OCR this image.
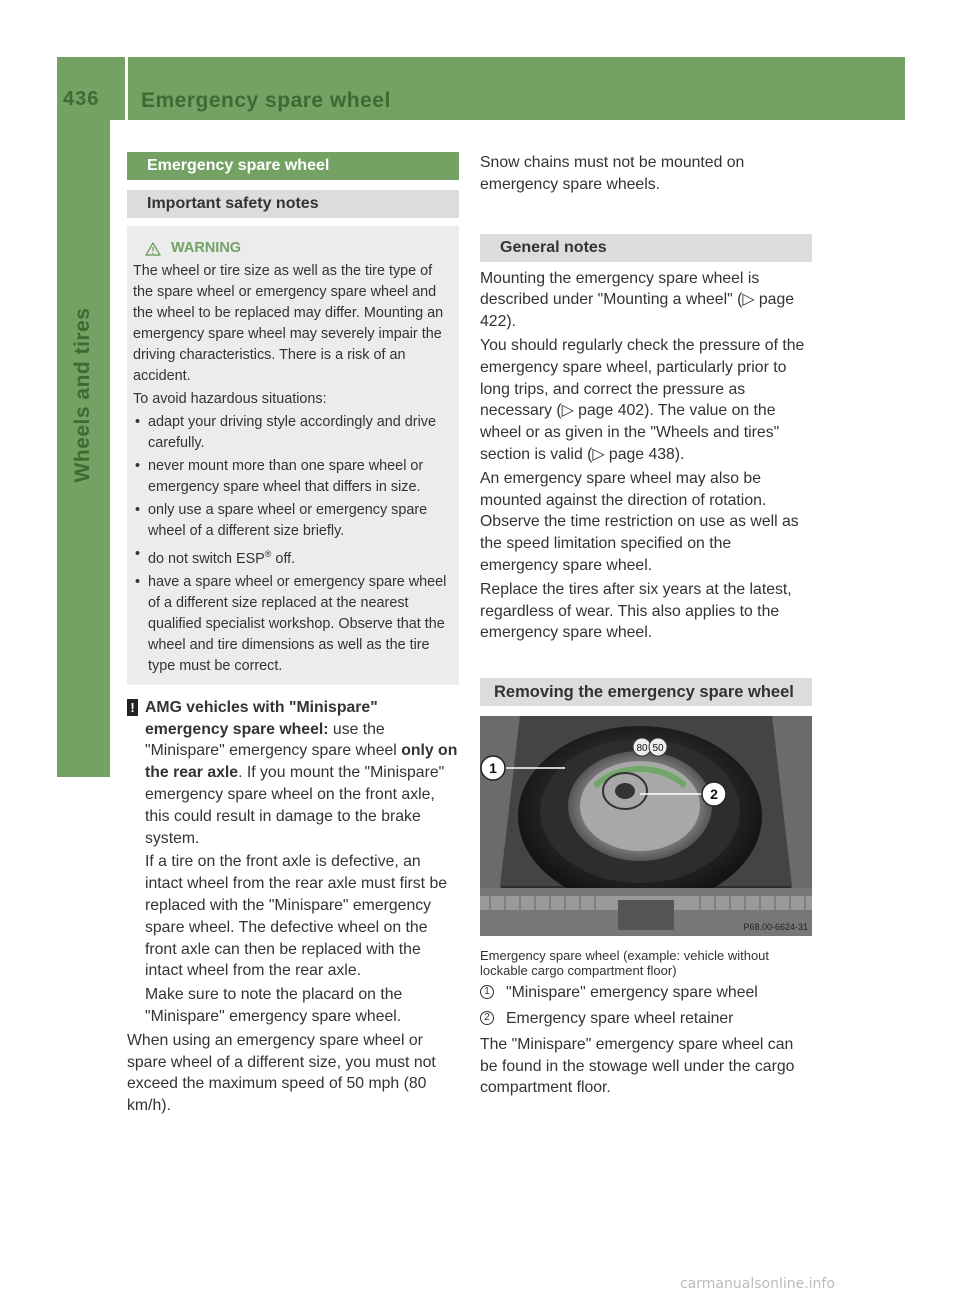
436	Emergency spare wheel
Wheels and tires
Emergency spare wheel
Important safety notes
WARNING

The wheel or tire size as well as the tire type of the spare wheel or emergency spare wheel and the wheel to be replaced may differ. Mounting an emergency spare wheel may severely impair the driving characteristics. There is a risk of an accident.

To avoid hazardous situations:

• adapt your driving style accordingly and drive carefully.
• never mount more than one spare wheel or emergency spare wheel that differs in size.
• only use a spare wheel or emergency spare wheel of a different size briefly.
• do not switch ESP® off.
• have a spare wheel or emergency spare wheel of a different size replaced at the nearest qualified specialist workshop. Observe that the wheel and tire dimensions as well as the tire type must be correct.
! AMG vehicles with "Minispare" emergency spare wheel: use the "Minispare" emergency spare wheel only on the rear axle. If you mount the "Minispare" emergency spare wheel on the front axle, this could result in damage to the brake system.

If a tire on the front axle is defective, an intact wheel from the rear axle must first be replaced with the "Minispare" emergency spare wheel. The defective wheel on the front axle can then be replaced with the intact wheel from the rear axle.

Make sure to note the placard on the "Minispare" emergency spare wheel.

When using an emergency spare wheel or spare wheel of a different size, you must not exceed the maximum speed of 50 mph (80 km/h).

Snow chains must not be mounted on emergency spare wheels.

General notes

Mounting the emergency spare wheel is described under "Mounting a wheel" (▷ page 422).

You should regularly check the pressure of the emergency spare wheel, particularly prior to long trips, and correct the pressure as necessary (▷ page 402). The value on the wheel or as given in the "Wheels and tires" section is valid (▷ page 438).

An emergency spare wheel may also be mounted against the direction of rotation. Observe the time restriction on use as well as the speed limitation specified on the emergency spare wheel.

Replace the tires after six years at the latest, regardless of wear. This also applies to the emergency spare wheel.

Removing the emergency spare wheel
80 50
1
2
P68.00-6624-31
Emergency spare wheel (example: vehicle without lockable cargo compartment floor)
1 "Minispare" emergency spare wheel
2 Emergency spare wheel retainer

The "Minispare" emergency spare wheel can be found in the stowage well under the cargo compartment floor.

carmanualsonline.info
